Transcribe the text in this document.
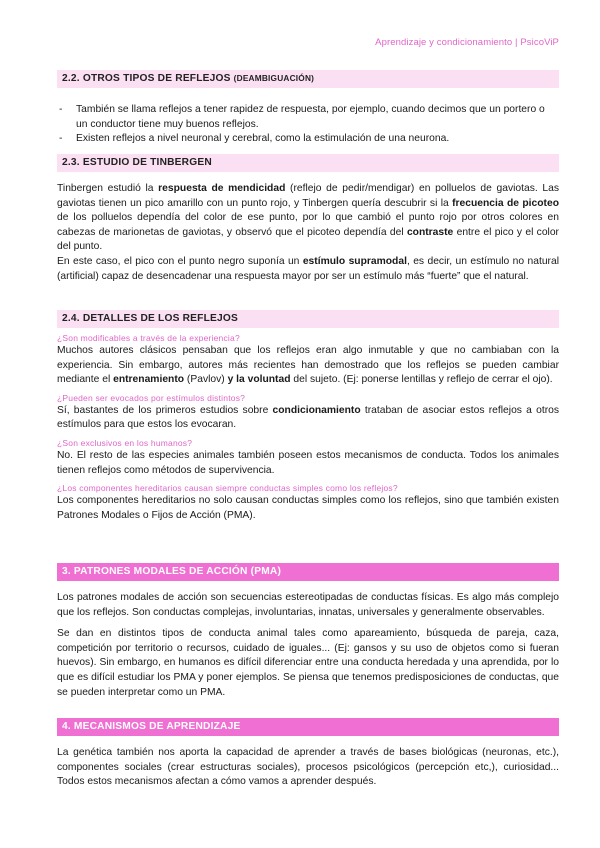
Aprendizaje y condicionamiento | PsicoViP
2.2. OTROS TIPOS DE REFLEJOS (DEAMBIGUACIÓN)
- También se llama reflejos a tener rapidez de respuesta, por ejemplo, cuando decimos que un portero o un conductor tiene muy buenos reflejos.
- Existen reflejos a nivel neuronal y cerebral, como la estimulación de una neurona.
2.3. ESTUDIO DE TINBERGEN

Tinbergen estudió la respuesta de mendicidad (reflejo de pedir/mendigar) en polluelos de gaviotas. Las gaviotas tienen un pico amarillo con un punto rojo, y Tinbergen quería descubrir si la frecuencia de picoteo de los polluelos dependía del color de ese punto, por lo que cambió el punto rojo por otros colores en cabezas de marionetas de gaviotas, y observó que el picoteo dependía del contraste entre el pico y el color del punto.

En este caso, el pico con el punto negro suponía un estímulo supramodal, es decir, un estímulo no natural (artificial) capaz de desencadenar una respuesta mayor por ser un estímulo más “fuerte” que el natural.

2.4. DETALLES DE LOS REFLEJOS
¿Son modificables a través de la experiencia?

Muchos autores clásicos pensaban que los reflejos eran algo inmutable y que no cambiaban con la experiencia. Sin embargo, autores más recientes han demostrado que los reflejos se pueden cambiar mediante el entrenamiento (Pavlov) y la voluntad del sujeto. (Ej: ponerse lentillas y reflejo de cerrar el ojo).

¿Pueden ser evocados por estímulos distintos?

Sí, bastantes de los primeros estudios sobre condicionamiento trataban de asociar estos reflejos a otros estímulos para que estos los evocaran.

¿Son exclusivos en los humanos?

No. El resto de las especies animales también poseen estos mecanismos de conducta. Todos los animales tienen reflejos como métodos de supervivencia.

¿Los componentes hereditarios causan siempre conductas simples como los reflejos?

Los componentes hereditarios no solo causan conductas simples como los reflejos, sino que también existen Patrones Modales o Fijos de Acción (PMA).

3. PATRONES MODALES DE ACCIÓN (PMA)

Los patrones modales de acción son secuencias estereotipadas de conductas físicas. Es algo más complejo que los reflejos. Son conductas complejas, involuntarias, innatas, universales y generalmente observables.

Se dan en distintos tipos de conducta animal tales como apareamiento, búsqueda de pareja, caza, competición por territorio o recursos, cuidado de iguales... (Ej: gansos y su uso de objetos como si fueran huevos). Sin embargo, en humanos es difícil diferenciar entre una conducta heredada y una aprendida, por lo que es difícil estudiar los PMA y poner ejemplos. Se piensa que tenemos predisposiciones de conductas, que se pueden interpretar como un PMA.

4. MECANISMOS DE APRENDIZAJE

La genética también nos aporta la capacidad de aprender a través de bases biológicas (neuronas, etc.), componentes sociales (crear estructuras sociales), procesos psicológicos (percepción etc,), curiosidad... Todos estos mecanismos afectan a cómo vamos a aprender después.
